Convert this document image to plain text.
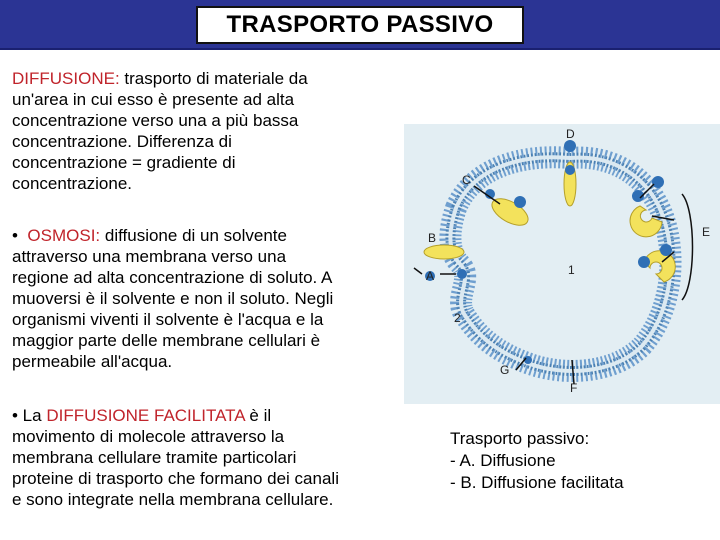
TRASPORTO PASSIVO

DIFFUSIONE: trasporto di materiale da
un'area in cui esso è presente ad alta
concentrazione verso una a più bassa
concentrazione. Differenza di
concentrazione = gradiente di
concentrazione.

• OSMOSI: diffusione di un solvente
attraverso una membrana verso una
regione ad alta concentrazione di soluto. A
muoversi è il solvente e non il soluto. Negli
organismi viventi il solvente è l'acqua e la
maggior parte delle membrane cellulari è
permeabile all'acqua.

• La DIFFUSIONE FACILITATA è il
movimento di molecole attraverso la
membrana cellulare tramite particolari
proteine di trasporto che formano dei canali
e sono integrate nella membrana cellulare.

D
C
B
A
E
F
G
1
2
Trasporto passivo:
- A. Diffusione
- B. Diffusione facilitata
